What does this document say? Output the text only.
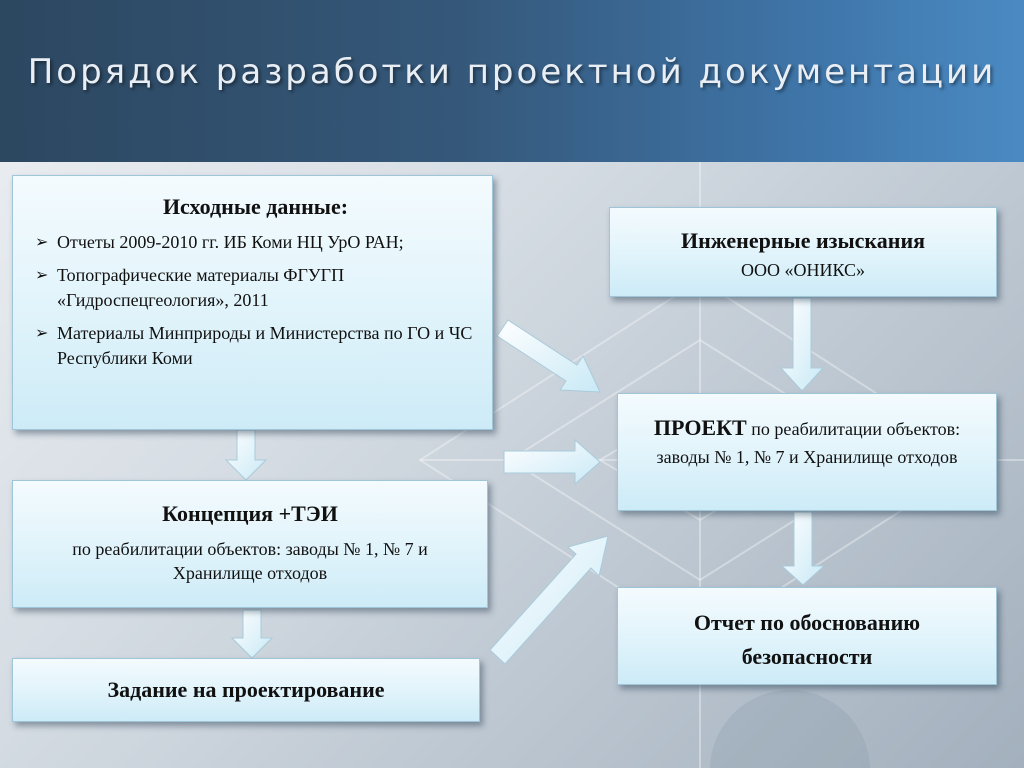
Порядок разработки проектной документации
Исходные данные:
➢ Отчеты 2009-2010 гг. ИБ Коми НЦ УрО РАН;
➢ Топографические материалы ФГУГП «Гидроспецгеология», 2011
➢ Материалы Минприроды и Министерства по ГО и ЧС Республики Коми
Концепция +ТЭИ
по реабилитации объектов: заводы № 1, № 7 и Хранилище отходов
Задание на проектирование
Инженерные изыскания
ООО «ОНИКС»
ПРОЕКТ по реабилитации объектов: заводы № 1, № 7 и Хранилище отходов
Отчет по обоснованию безопасности
